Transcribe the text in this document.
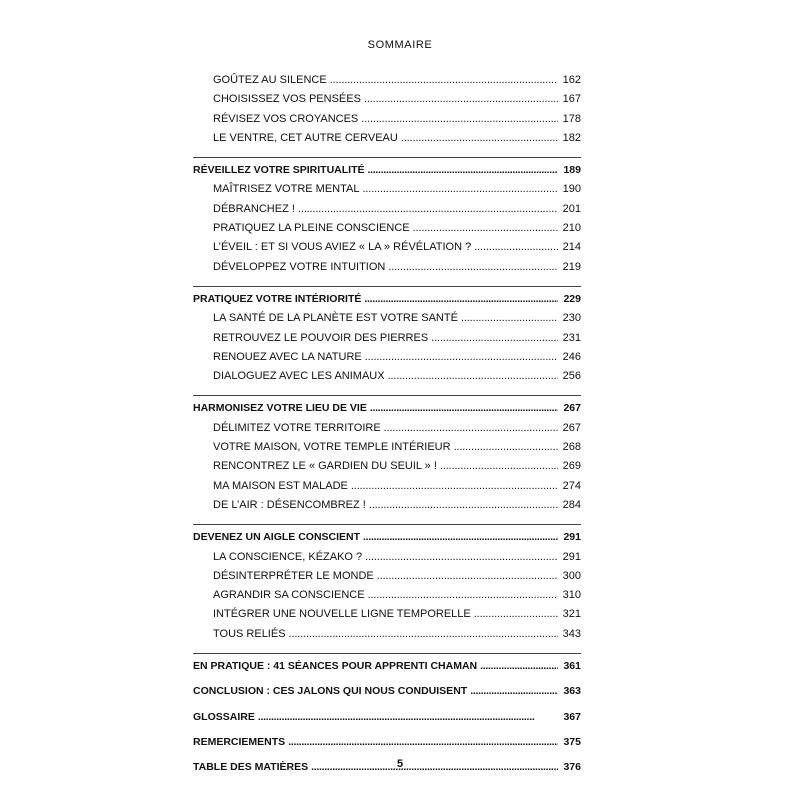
SOMMAIRE
GOÛTEZ AU SILENCE . . .	162
CHOISISSEZ VOS PENSÉES . . .	167
RÉVISEZ VOS CROYANCES . . .	178
LE VENTRE, CET AUTRE CERVEAU . . .	182
RÉVEILLEZ VOTRE SPIRITUALITÉ . . .	189
MAÎTRISEZ VOTRE MENTAL . . .	190
DÉBRANCHEZ ! . . .	201
PRATIQUEZ LA PLEINE CONSCIENCE . . .	210
L’ÉVEIL : ET SI VOUS AVIEZ « LA » RÉVÉLATION ? . . .	214
DÉVELOPPEZ VOTRE INTUITION . . .	219
PRATIQUEZ VOTRE INTÉRIORITÉ . . .	229
LA SANTÉ DE LA PLANÈTE EST VOTRE SANTÉ . . .	230
RETROUVEZ LE POUVOIR DES PIERRES . . .	231
RENOUEZ AVEC LA NATURE . . .	246
DIALOGUEZ AVEC LES ANIMAUX . . .	256
HARMONISEZ VOTRE LIEU DE VIE . . .	267
DÉLIMITEZ VOTRE TERRITOIRE . . .	267
VOTRE MAISON, VOTRE TEMPLE INTÉRIEUR . . .	268
RENCONTREZ LE « GARDIEN DU SEUIL » ! . . .	269
MA MAISON EST MALADE . . .	274
DE L’AIR : DÉSENCOMBREZ ! . . .	284
DEVENEZ UN AIGLE CONSCIENT . . .	291
LA CONSCIENCE, KÉZAKO ? . . .	291
DÉSINTERPRÉTER LE MONDE . . .	300
AGRANDIR SA CONSCIENCE . . .	310
INTÉGRER UNE NOUVELLE LIGNE TEMPORELLE . . .	321
TOUS RELIÉS . . .	343
EN PRATIQUE : 41 SÉANCES POUR APPRENTI CHAMAN . . .	361
CONCLUSION : CES JALONS QUI NOUS CONDUISENT . . .	363
GLOSSAIRE . . .	367
REMERCIEMENTS . . .	375
TABLE DES MATIÈRES . . .	376
5
